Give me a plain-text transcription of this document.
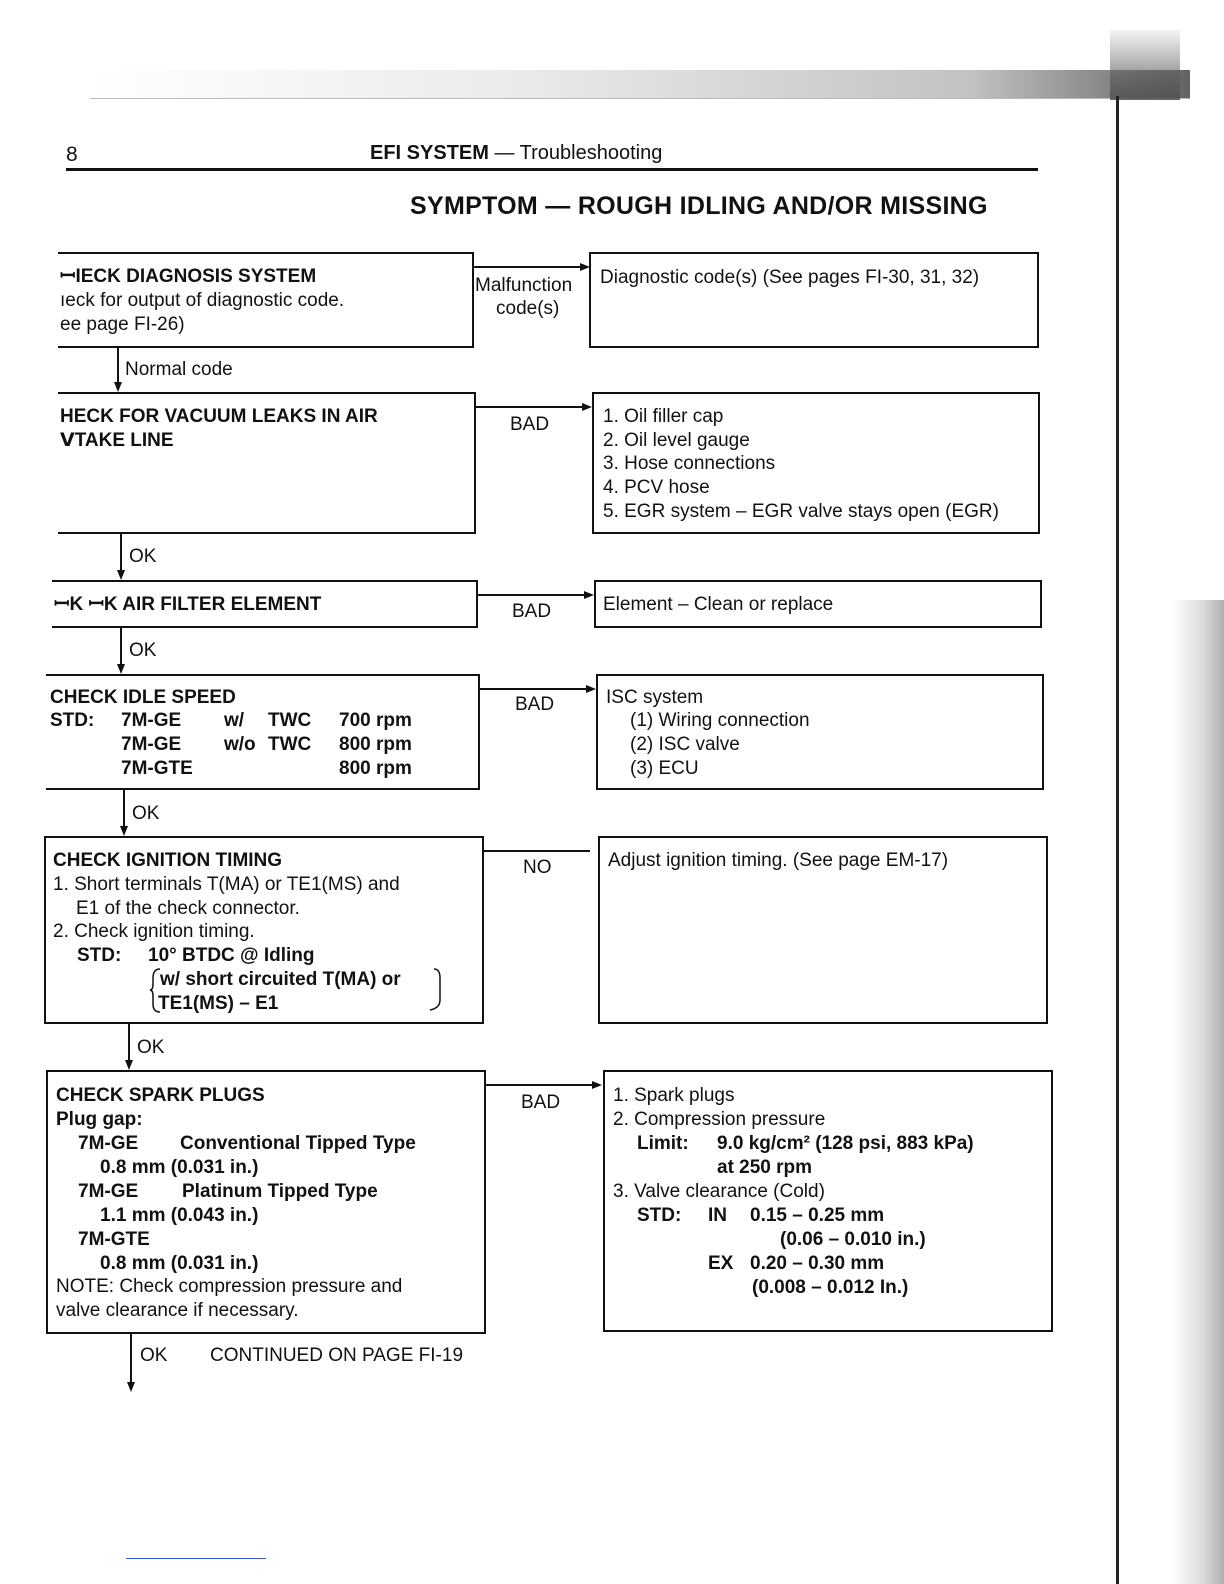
8	EFI SYSTEM — Troubleshooting
SYMPTOM — ROUGH IDLING AND/OR MISSING
ꟷIECK DIAGNOSIS SYSTEM
ıeck for output of diagnostic code.
ee page FI-26)
Malfunction
code(s)
Diagnostic code(s) (See pages FI-30, 31, 32)
Normal code
HECK FOR VACUUM LEAKS IN AIR
ᐯTAKE LINE
BAD	1. Oil filler cap
2. Oil level gauge
3. Hose connections
4. PCV hose
5. EGR system – EGR valve stays open (EGR)
OK
ꟷK ꟷK AIR FILTER ELEMENT	BAD	Element – Clean or replace
OK
CHECK IDLE SPEED
STD: 7M-GE w/ TWC 700 rpm
7M-GE w/o TWC 800 rpm
7M-GTE	800 rpm
BAD	ISC system
(1) Wiring connection
(2) ISC valve
(3) ECU
OK
CHECK IGNITION TIMING
1. Short terminals T(MA) or TE1(MS) and
E1 of the check connector.
2. Check ignition timing.
STD: 10° BTDC @ Idling
w/ short circuited T(MA) or
TE1(MS) – E1
NO	Adjust ignition timing. (See page EM-17)
OK
CHECK SPARK PLUGS
Plug gap:
7M-GE Conventional Tipped Type
0.8 mm (0.031 in.)
7M-GE Platinum Tipped Type
1.1 mm (0.043 in.)
7M-GTE
0.8 mm (0.031 in.)
NOTE: Check compression pressure and
valve clearance if necessary.
BAD	1. Spark plugs
2. Compression pressure
Limit: 9.0 kg/cm² (128 psi, 883 kPa)
at 250 rpm
3. Valve clearance (Cold)
STD: IN 0.15 – 0.25 mm
(0.06 – 0.010 in.)
EX 0.20 – 0.30 mm
(0.008 – 0.012 In.)
OK CONTINUED ON PAGE FI-19
